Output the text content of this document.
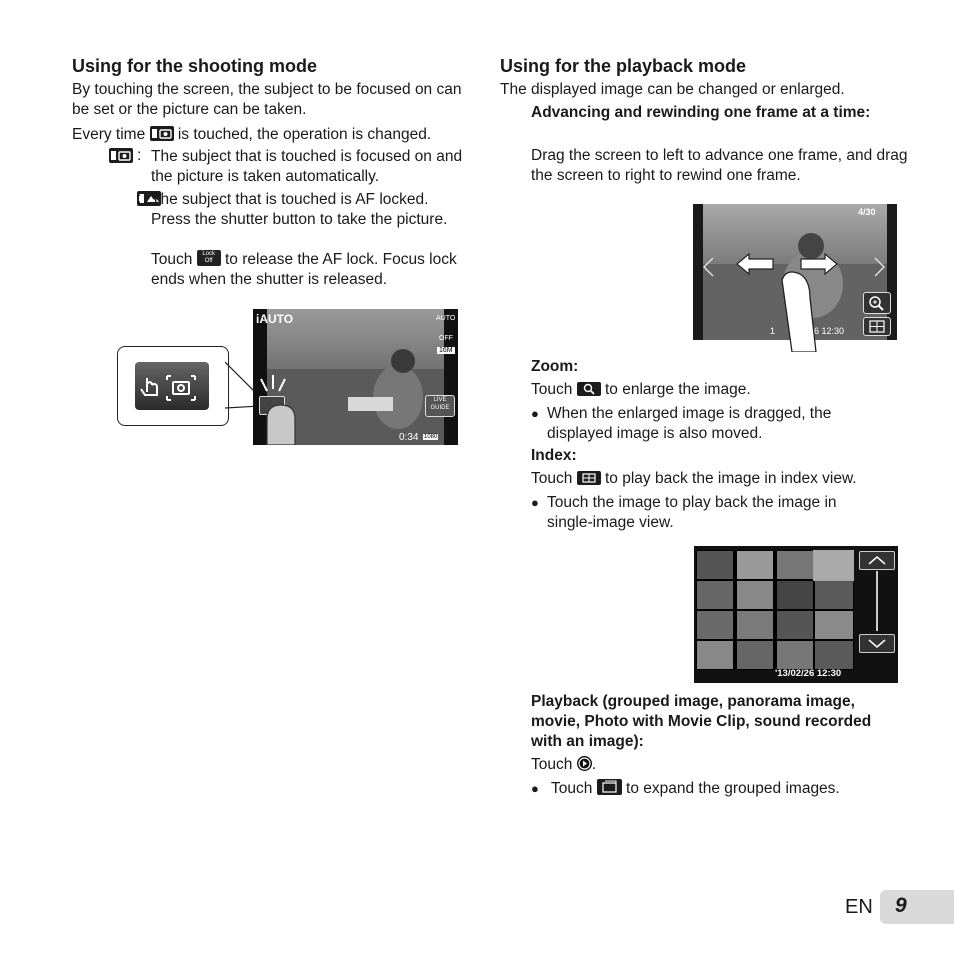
Using for the shooting mode

By touching the screen, the subject to be focused on can be set or the picture can be taken.

Every time is touched, the operation is changed.

: The subject that is touched is focused on and the picture is taken automatically.

: The subject that is touched is AF locked. Press the shutter button to take the picture.

Touch	Lock
Off to release the AF lock. Focus lock ends when the shutter is released.

iAUTO	AUTO
OFF
16M
LIVE
GUIDE
0:34 1080
Using for the playback mode

The displayed image can be changed or enlarged.

Advancing and rewinding one frame at a time:

Drag the screen to left to advance one frame, and drag the screen to right to rewind one frame.

4/30
1	6 12:30

Zoom:

Touch to enlarge the image.

● When the enlarged image is dragged, the displayed image is also moved.

Index:

Touch to play back the image in index view.

● Touch the image to play back the image in single-image view.

'13/02/26 12:30

Playback (grouped image, panorama image, movie, Photo with Movie Clip, sound recorded with an image):

Touch .

● Touch to expand the grouped images.

EN 9
